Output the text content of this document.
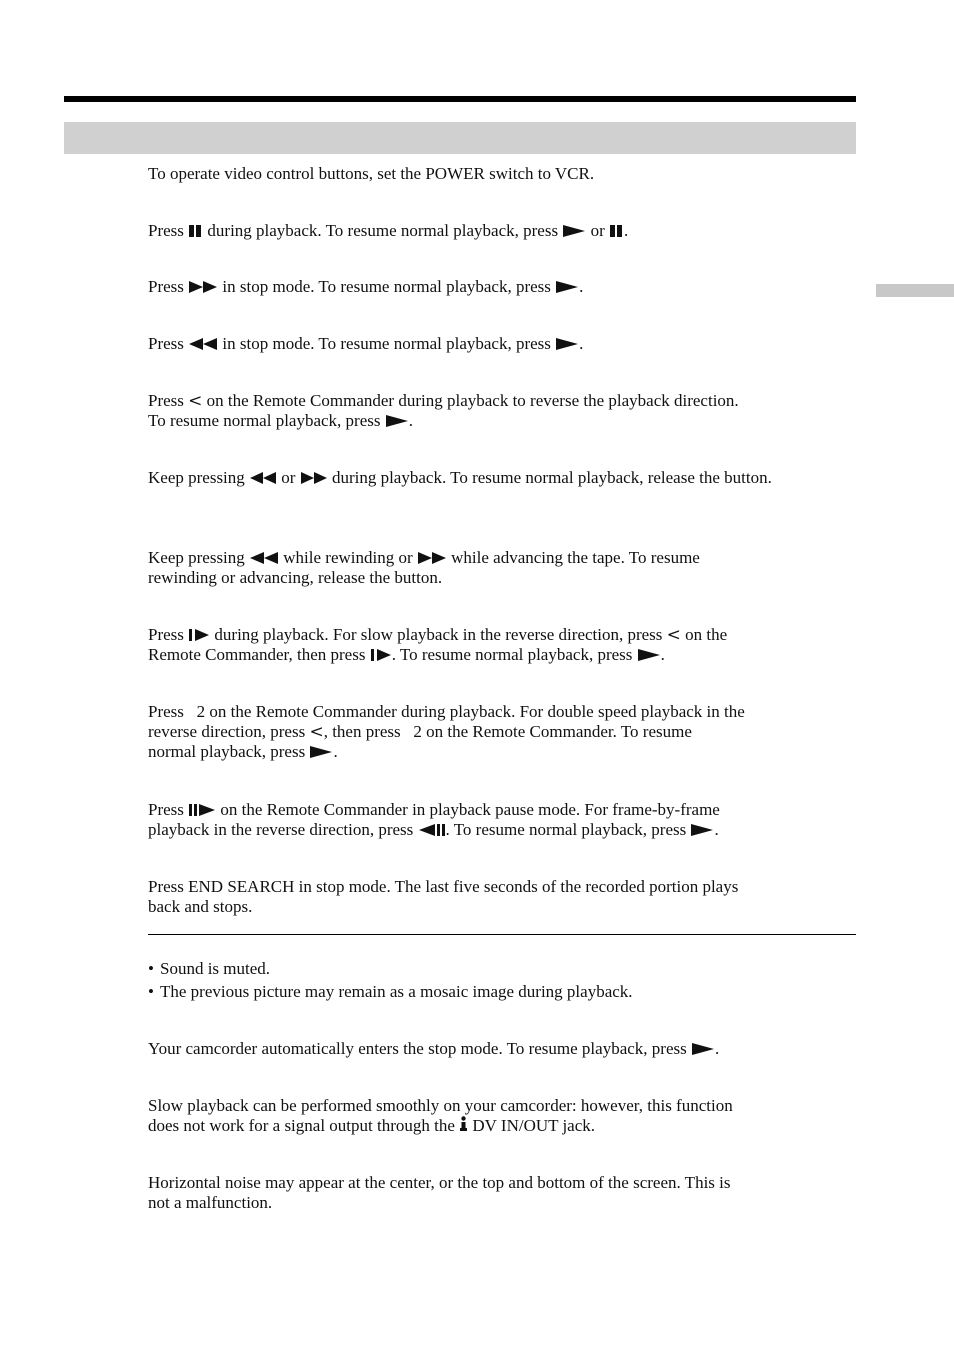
To operate video control buttons, set the POWER switch to VCR.

Press during playback. To resume normal playback, press or .

Press in stop mode. To resume normal playback, press .

Press in stop mode. To resume normal playback, press .

Press < on the Remote Commander during playback to reverse the playback direction.
To resume normal playback, press .

Keep pressing or during playback. To resume normal playback, release the button.

Keep pressing while rewinding or while advancing the tape. To resume
rewinding or advancing, release the button.

Press during playback. For slow playback in the reverse direction, press < on the
Remote Commander, then press . To resume normal playback, press .

Press 2 on the Remote Commander during playback. For double speed playback in the
reverse direction, press <, then press 2 on the Remote Commander. To resume
normal playback, press .

Press on the Remote Commander in playback pause mode. For frame-by-frame
playback in the reverse direction, press . To resume normal playback, press .

Press END SEARCH in stop mode. The last five seconds of the recorded portion plays
back and stops.

• Sound is muted.
• The previous picture may remain as a mosaic image during playback.

Your camcorder automatically enters the stop mode. To resume playback, press .

Slow playback can be performed smoothly on your camcorder: however, this function
does not work for a signal output through the DV IN/OUT jack.

Horizontal noise may appear at the center, or the top and bottom of the screen. This is
not a malfunction.
